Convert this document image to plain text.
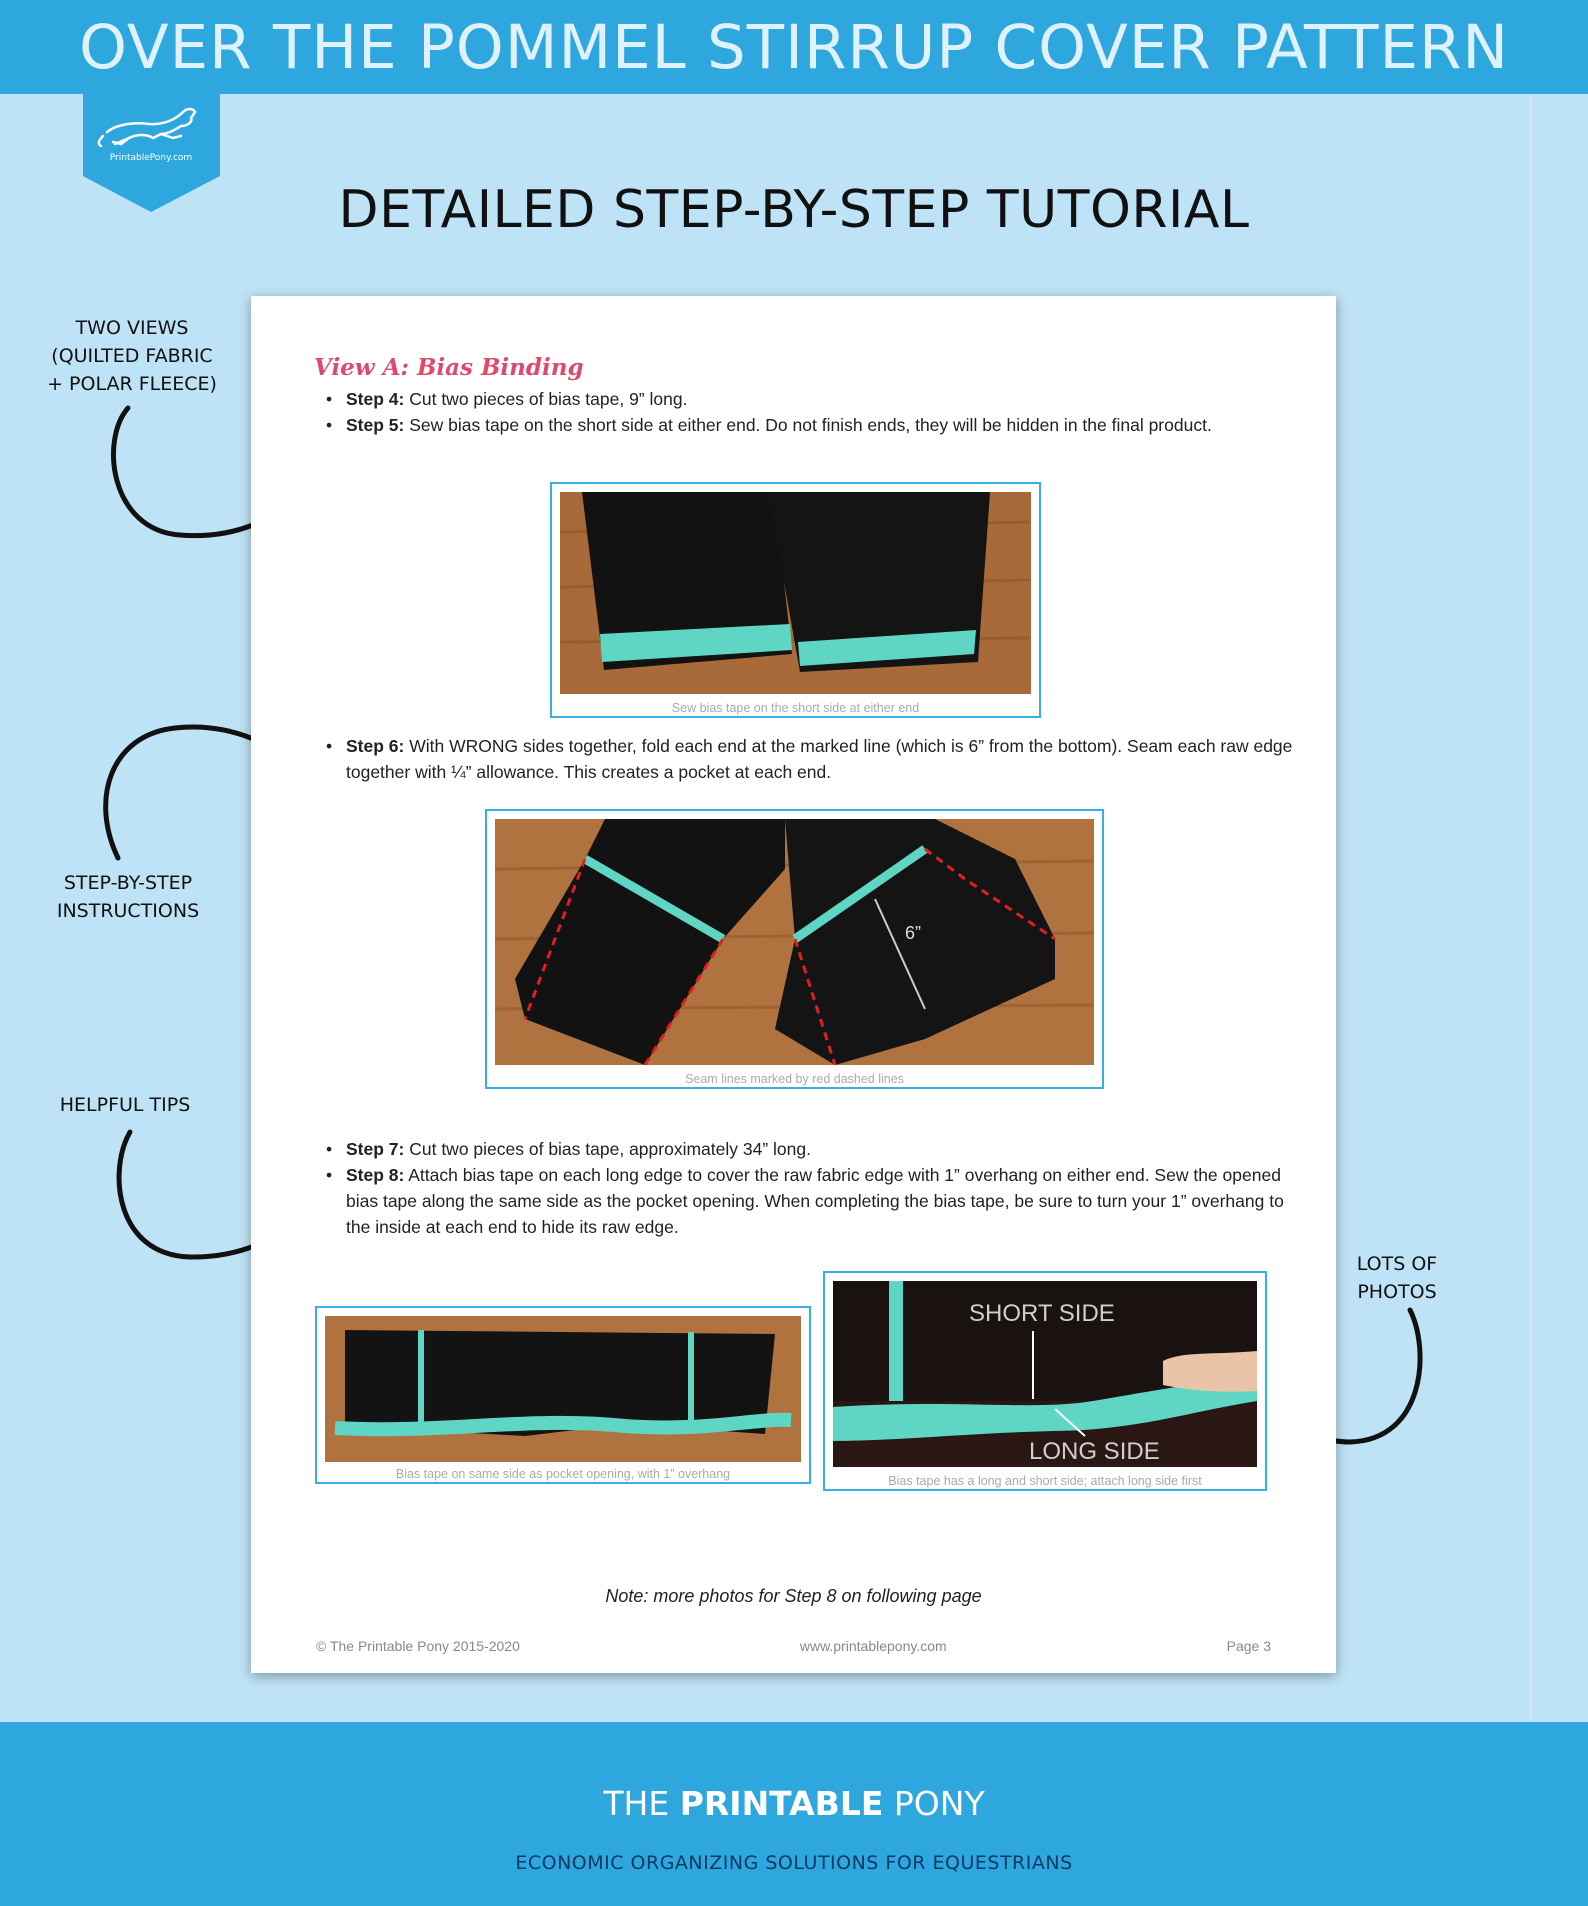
OVER THE POMMEL STIRRUP COVER PATTERN
PrintablePony.com
DETAILED STEP-BY-STEP TUTORIAL
TWO VIEWS
(QUILTED FABRIC
+ POLAR FLEECE)
STEP-BY-STEP
INSTRUCTIONS
HELPFUL TIPS
LOTS OF
PHOTOS
View A: Bias Binding
• Step 4: Cut two pieces of bias tape, 9” long.
• Step 5: Sew bias tape on the short side at either end. Do not finish ends, they will be hidden in the final product.
Sew bias tape on the short side at either end
• Step 6: With WRONG sides together, fold each end at the marked line (which is 6” from the bottom). Seam each raw edge together with ¼” allowance. This creates a pocket at each end.
6”
Seam lines marked by red dashed lines
• Step 7: Cut two pieces of bias tape, approximately 34” long.
• Step 8: Attach bias tape on each long edge to cover the raw fabric edge with 1” overhang on either end. Sew the opened bias tape along the same side as the pocket opening. When completing the bias tape, be sure to turn your 1” overhang to the inside at each end to hide its raw edge.
Bias tape on same side as pocket opening, with 1” overhang
SHORT SIDE
LONG SIDE
Bias tape has a long and short side; attach long side first
Note: more photos for Step 8 on following page
© The Printable Pony 2015-2020	www.printablepony.com	Page 3
THE PRINTABLE PONY
ECONOMIC ORGANIZING SOLUTIONS FOR EQUESTRIANS
